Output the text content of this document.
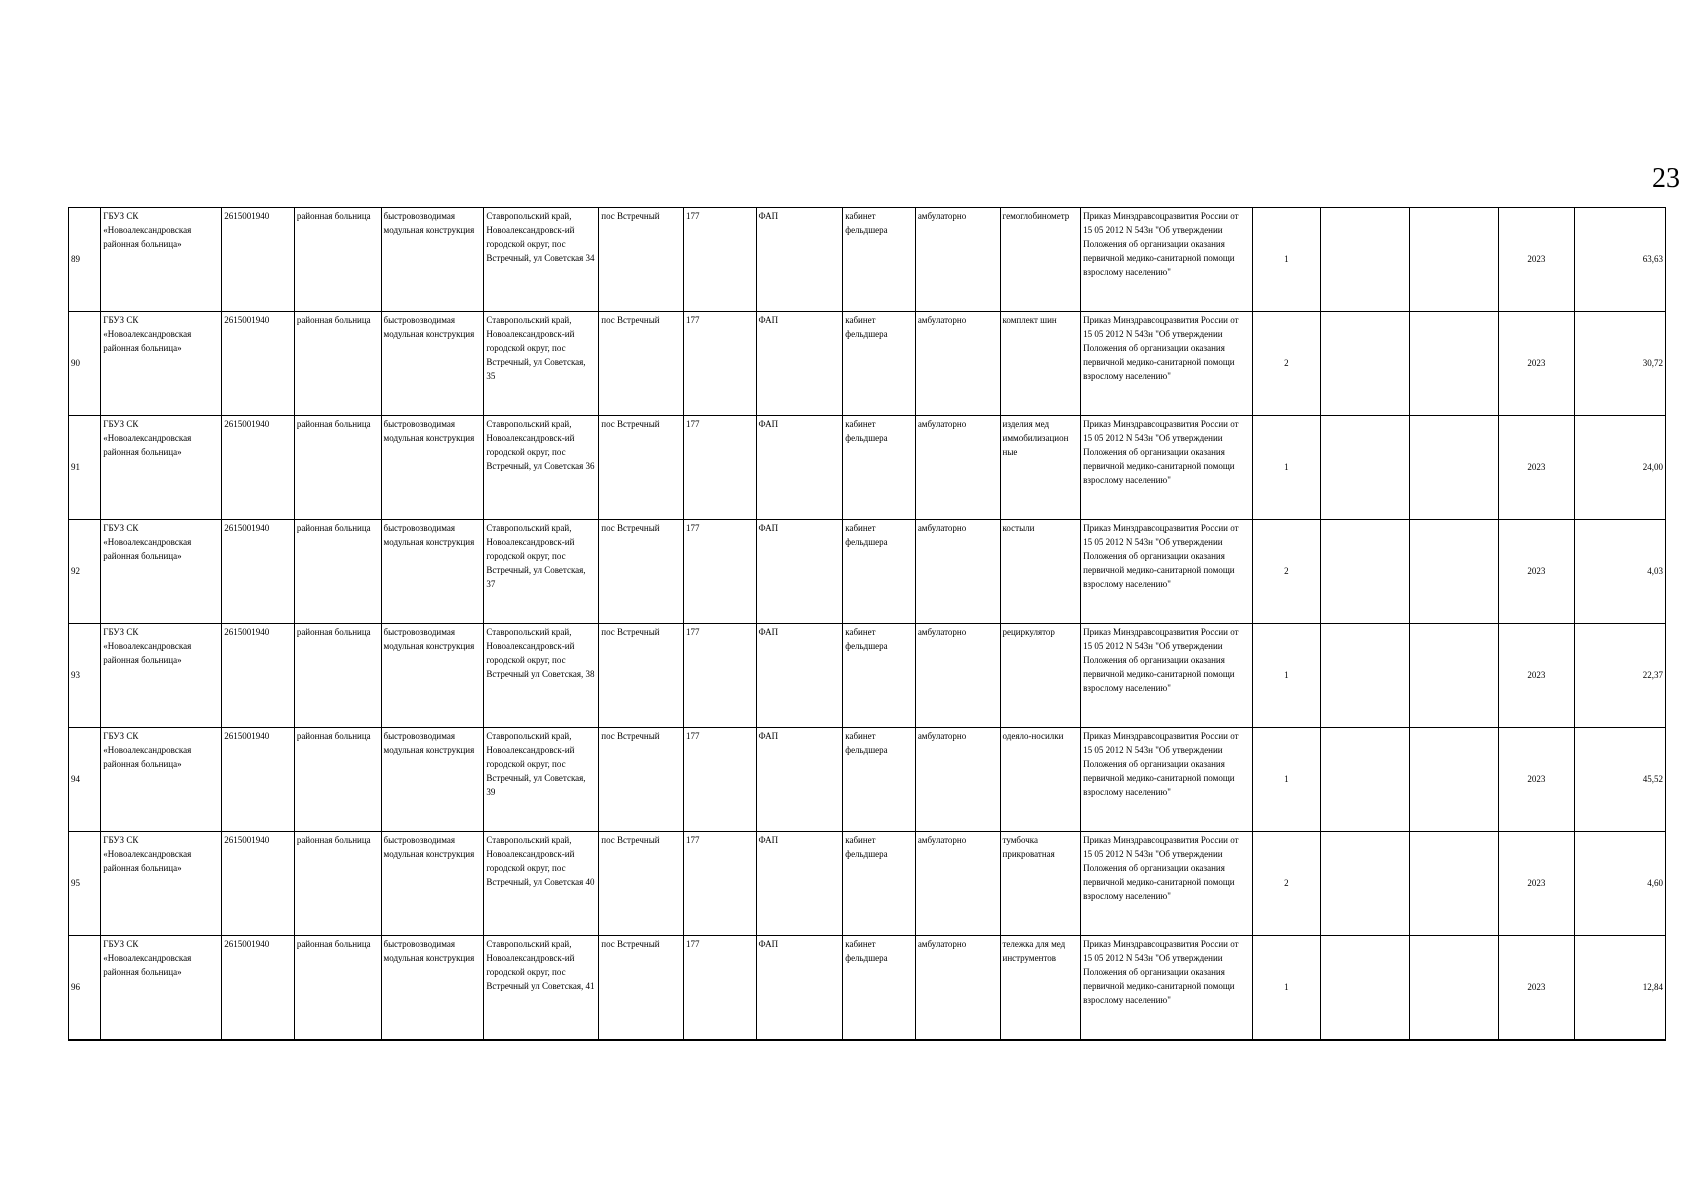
23
89	ГБУЗ СК «Новоалександровская районная больница»	2615001940	районная больница	быстровозводимая модульная конструкция	Ставропольский край, Новоалександровск-ий городской округ, пос Встречный, ул Советская 34	пос Встречный	177	ФАП	кабинет фельдшера	амбулаторно	гемоглобинометр	Приказ Минздравсоцразвития России от 15 05 2012 N 543н "Об утверждении Положения об организации оказания первичной медико-санитарной помощи взрослому населению"	1			2023	63,63
90	ГБУЗ СК «Новоалександровская районная больница»	2615001940	районная больница	быстровозводимая модульная конструкция	Ставропольский край, Новоалександровск-ий городской округ, пос Встречный, ул Советская, 35	пос Встречный	177	ФАП	кабинет фельдшера	амбулаторно	комплект шин	Приказ Минздравсоцразвития России от 15 05 2012 N 543н "Об утверждении Положения об организации оказания первичной медико-санитарной помощи взрослому населению"	2			2023	30,72
91	ГБУЗ СК «Новоалександровская районная больница»	2615001940	районная больница	быстровозводимая модульная конструкция	Ставропольский край, Новоалександровск-ий городской округ, пос Встречный, ул Советская 36	пос Встречный	177	ФАП	кабинет фельдшера	амбулаторно	изделия мед иммобилизацион ные	Приказ Минздравсоцразвития России от 15 05 2012 N 543н "Об утверждении Положения об организации оказания первичной медико-санитарной помощи взрослому населению"	1			2023	24,00
92	ГБУЗ СК «Новоалександровская районная больница»	2615001940	районная больница	быстровозводимая модульная конструкция	Ставропольский край, Новоалександровск-ий городской округ, пос Встречный, ул Советская, 37	пос Встречный	177	ФАП	кабинет фельдшера	амбулаторно	костыли	Приказ Минздравсоцразвития России от 15 05 2012 N 543н "Об утверждении Положения об организации оказания первичной медико-санитарной помощи взрослому населению"	2			2023	4,03
93	ГБУЗ СК «Новоалександровская районная больница»	2615001940	районная больница	быстровозводимая модульная конструкция	Ставропольский край, Новоалександровск-ий городской округ, пос Встречный ул Советская, 38	пос Встречный	177	ФАП	кабинет фельдшера	амбулаторно	рециркулятор	Приказ Минздравсоцразвития России от 15 05 2012 N 543н "Об утверждении Положения об организации оказания первичной медико-санитарной помощи взрослому населению"	1			2023	22,37
94	ГБУЗ СК «Новоалександровская районная больница»	2615001940	районная больница	быстровозводимая модульная конструкция	Ставропольский край, Новоалександровск-ий городской округ, пос Встречный, ул Советская, 39	пос Встречный	177	ФАП	кабинет фельдшера	амбулаторно	одеяло-носилки	Приказ Минздравсоцразвития России от 15 05 2012 N 543н "Об утверждении Положения об организации оказания первичной медико-санитарной помощи взрослому населению"	1			2023	45,52
95	ГБУЗ СК «Новоалександровская районная больница»	2615001940	районная больница	быстровозводимая модульная конструкция	Ставропольский край, Новоалександровск-ий городской округ, пос Встречный, ул Советская 40	пос Встречный	177	ФАП	кабинет фельдшера	амбулаторно	тумбочка прикроватная	Приказ Минздравсоцразвития России от 15 05 2012 N 543н "Об утверждении Положения об организации оказания первичной медико-санитарной помощи взрослому населению"	2			2023	4,60
96	ГБУЗ СК «Новоалександровская районная больница»	2615001940	районная больница	быстровозводимая модульная конструкция	Ставропольский край, Новоалександровск-ий городской округ, пос Встречный ул Советская, 41	пос Встречный	177	ФАП	кабинет фельдшера	амбулаторно	тележка для мед инструментов	Приказ Минздравсоцразвития России от 15 05 2012 N 543н "Об утверждении Положения об организации оказания первичной медико-санитарной помощи взрослому населению"	1			2023	12,84
